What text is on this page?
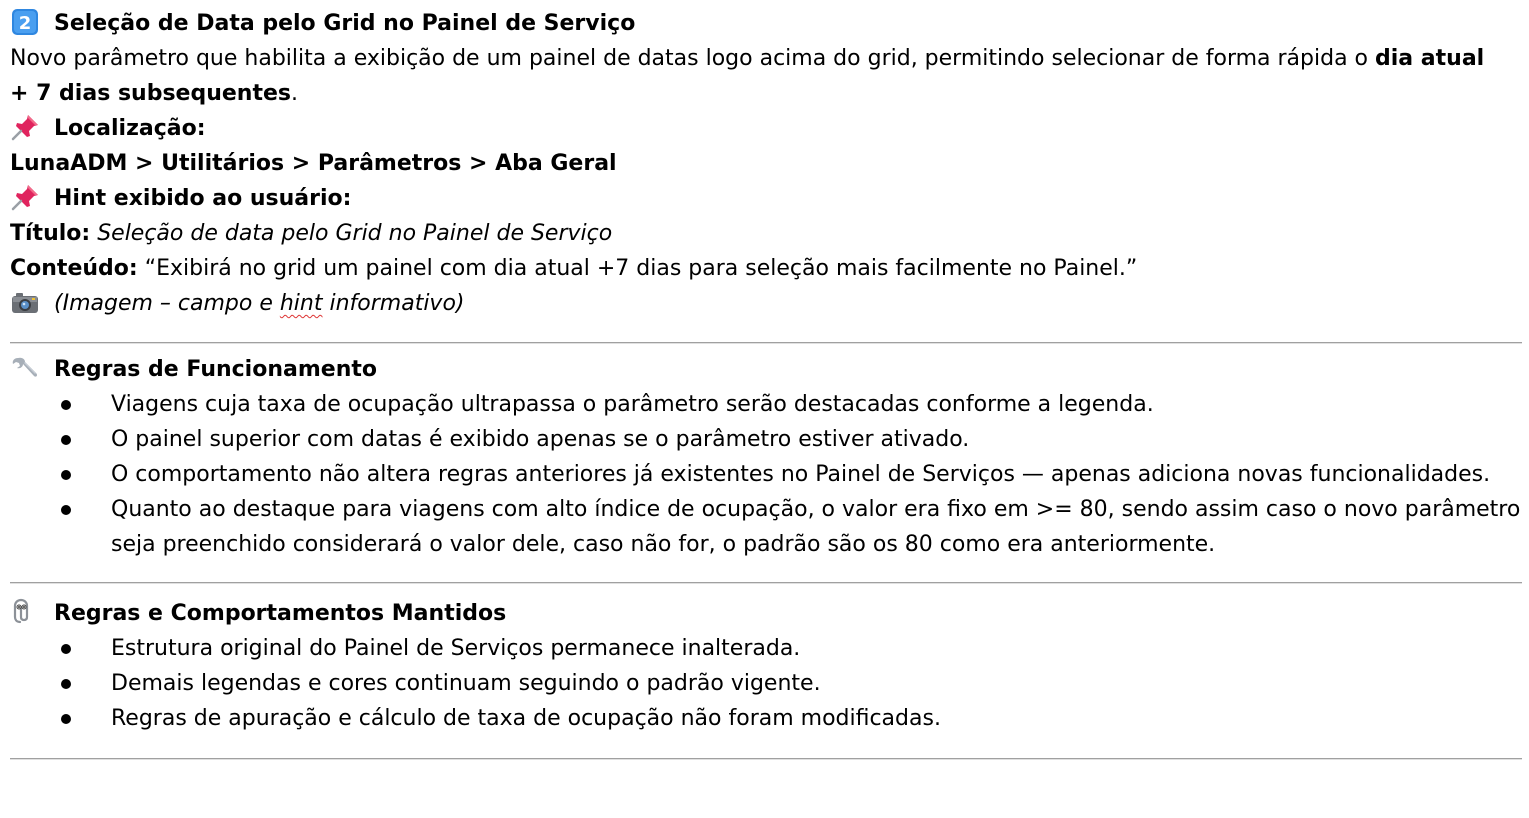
2 Seleção de Data pelo Grid no Painel de Serviço
Novo parâmetro que habilita a exibição de um painel de datas logo acima do grid, permitindo selecionar de forma rápida o dia atual
+ 7 dias subsequentes.
Localização:
LunaADM > Utilitários > Parâmetros > Aba Geral
Hint exibido ao usuário:
Título: Seleção de data pelo Grid no Painel de Serviço
Conteúdo: “Exibirá no grid um painel com dia atual +7 dias para seleção mais facilmente no Painel.”
(Imagem – campo e hint informativo)
Regras de Funcionamento
Viagens cuja taxa de ocupação ultrapassa o parâmetro serão destacadas conforme a legenda.
O painel superior com datas é exibido apenas se o parâmetro estiver ativado.
O comportamento não altera regras anteriores já existentes no Painel de Serviços — apenas adiciona novas funcionalidades.
Quanto ao destaque para viagens com alto índice de ocupação, o valor era fixo em >= 80, sendo assim caso o novo parâmetro seja preenchido considerará o valor dele, caso não for, o padrão são os 80 como era anteriormente.
Regras e Comportamentos Mantidos
Estrutura original do Painel de Serviços permanece inalterada.
Demais legendas e cores continuam seguindo o padrão vigente.
Regras de apuração e cálculo de taxa de ocupação não foram modificadas.
